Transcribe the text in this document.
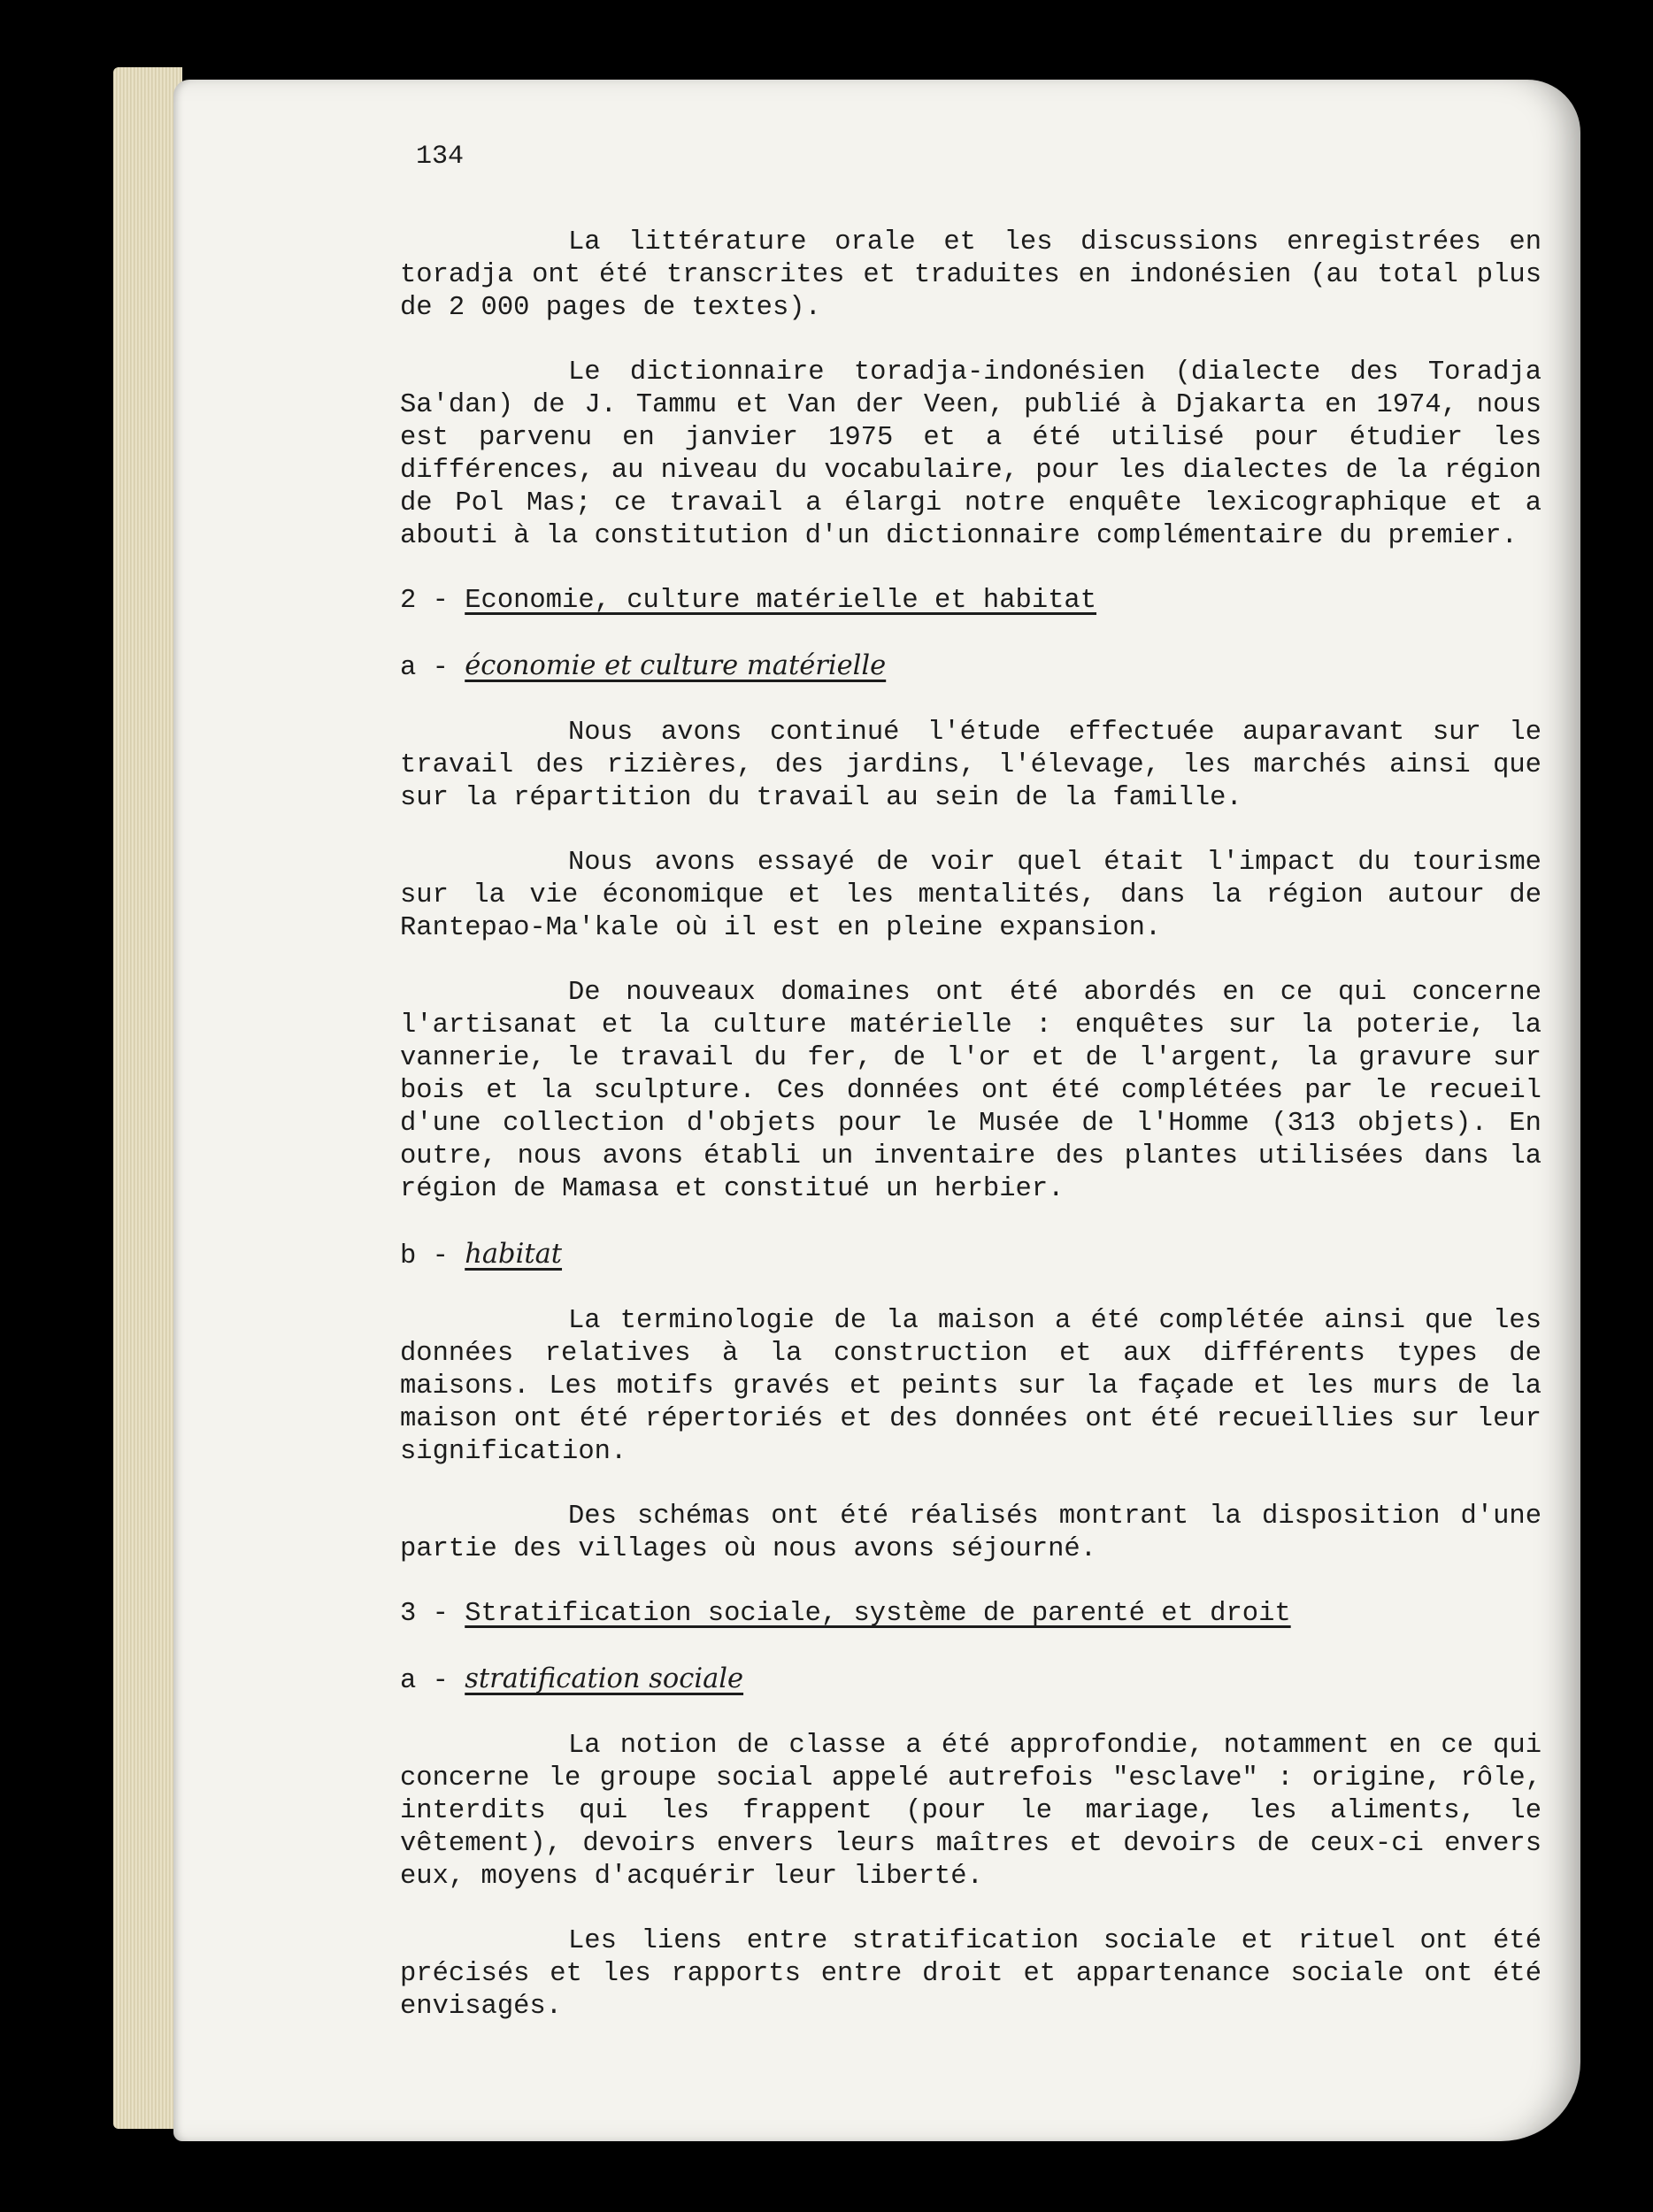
134

La littérature orale et les discussions enregistrées en toradja ont été transcrites et traduites en indonésien (au total plus de 2 000 pages de textes).

Le dictionnaire toradja-indonésien (dialecte des Toradja Sa'dan) de J. Tammu et Van der Veen, publié à Djakarta en 1974, nous est parvenu en janvier 1975 et a été utilisé pour étudier les différences, au niveau du vocabulaire, pour les dialectes de la région de Pol Mas; ce travail a élargi notre enquête lexicographique et a abouti à la constitution d'un dictionnaire complémentaire du premier.

2 - Economie, culture matérielle et habitat

a - économie et culture matérielle

Nous avons continué l'étude effectuée auparavant sur le travail des rizières, des jardins, l'élevage, les marchés ainsi que sur la répartition du travail au sein de la famille.

Nous avons essayé de voir quel était l'impact du tourisme sur la vie économique et les mentalités, dans la région autour de Rantepao-Ma'kale où il est en pleine expansion.

De nouveaux domaines ont été abordés en ce qui concerne l'artisanat et la culture matérielle : enquêtes sur la poterie, la vannerie, le travail du fer, de l'or et de l'argent, la gravure sur bois et la sculpture. Ces données ont été complétées par le recueil d'une collection d'objets pour le Musée de l'Homme (313 objets). En outre, nous avons établi un inventaire des plantes utilisées dans la région de Mamasa et constitué un herbier.

b - habitat

La terminologie de la maison a été complétée ainsi que les données relatives à la construction et aux différents types de maisons. Les motifs gravés et peints sur la façade et les murs de la maison ont été répertoriés et des données ont été recueillies sur leur signification.

Des schémas ont été réalisés montrant la disposition d'une partie des villages où nous avons séjourné.

3 - Stratification sociale, système de parenté et droit

a - stratification sociale

La notion de classe a été approfondie, notamment en ce qui concerne le groupe social appelé autrefois "esclave" : origine, rôle, interdits qui les frappent (pour le mariage, les aliments, le vêtement), devoirs envers leurs maîtres et devoirs de ceux-ci envers eux, moyens d'acquérir leur liberté.

Les liens entre stratification sociale et rituel ont été précisés et les rapports entre droit et appartenance sociale ont été envisagés.
